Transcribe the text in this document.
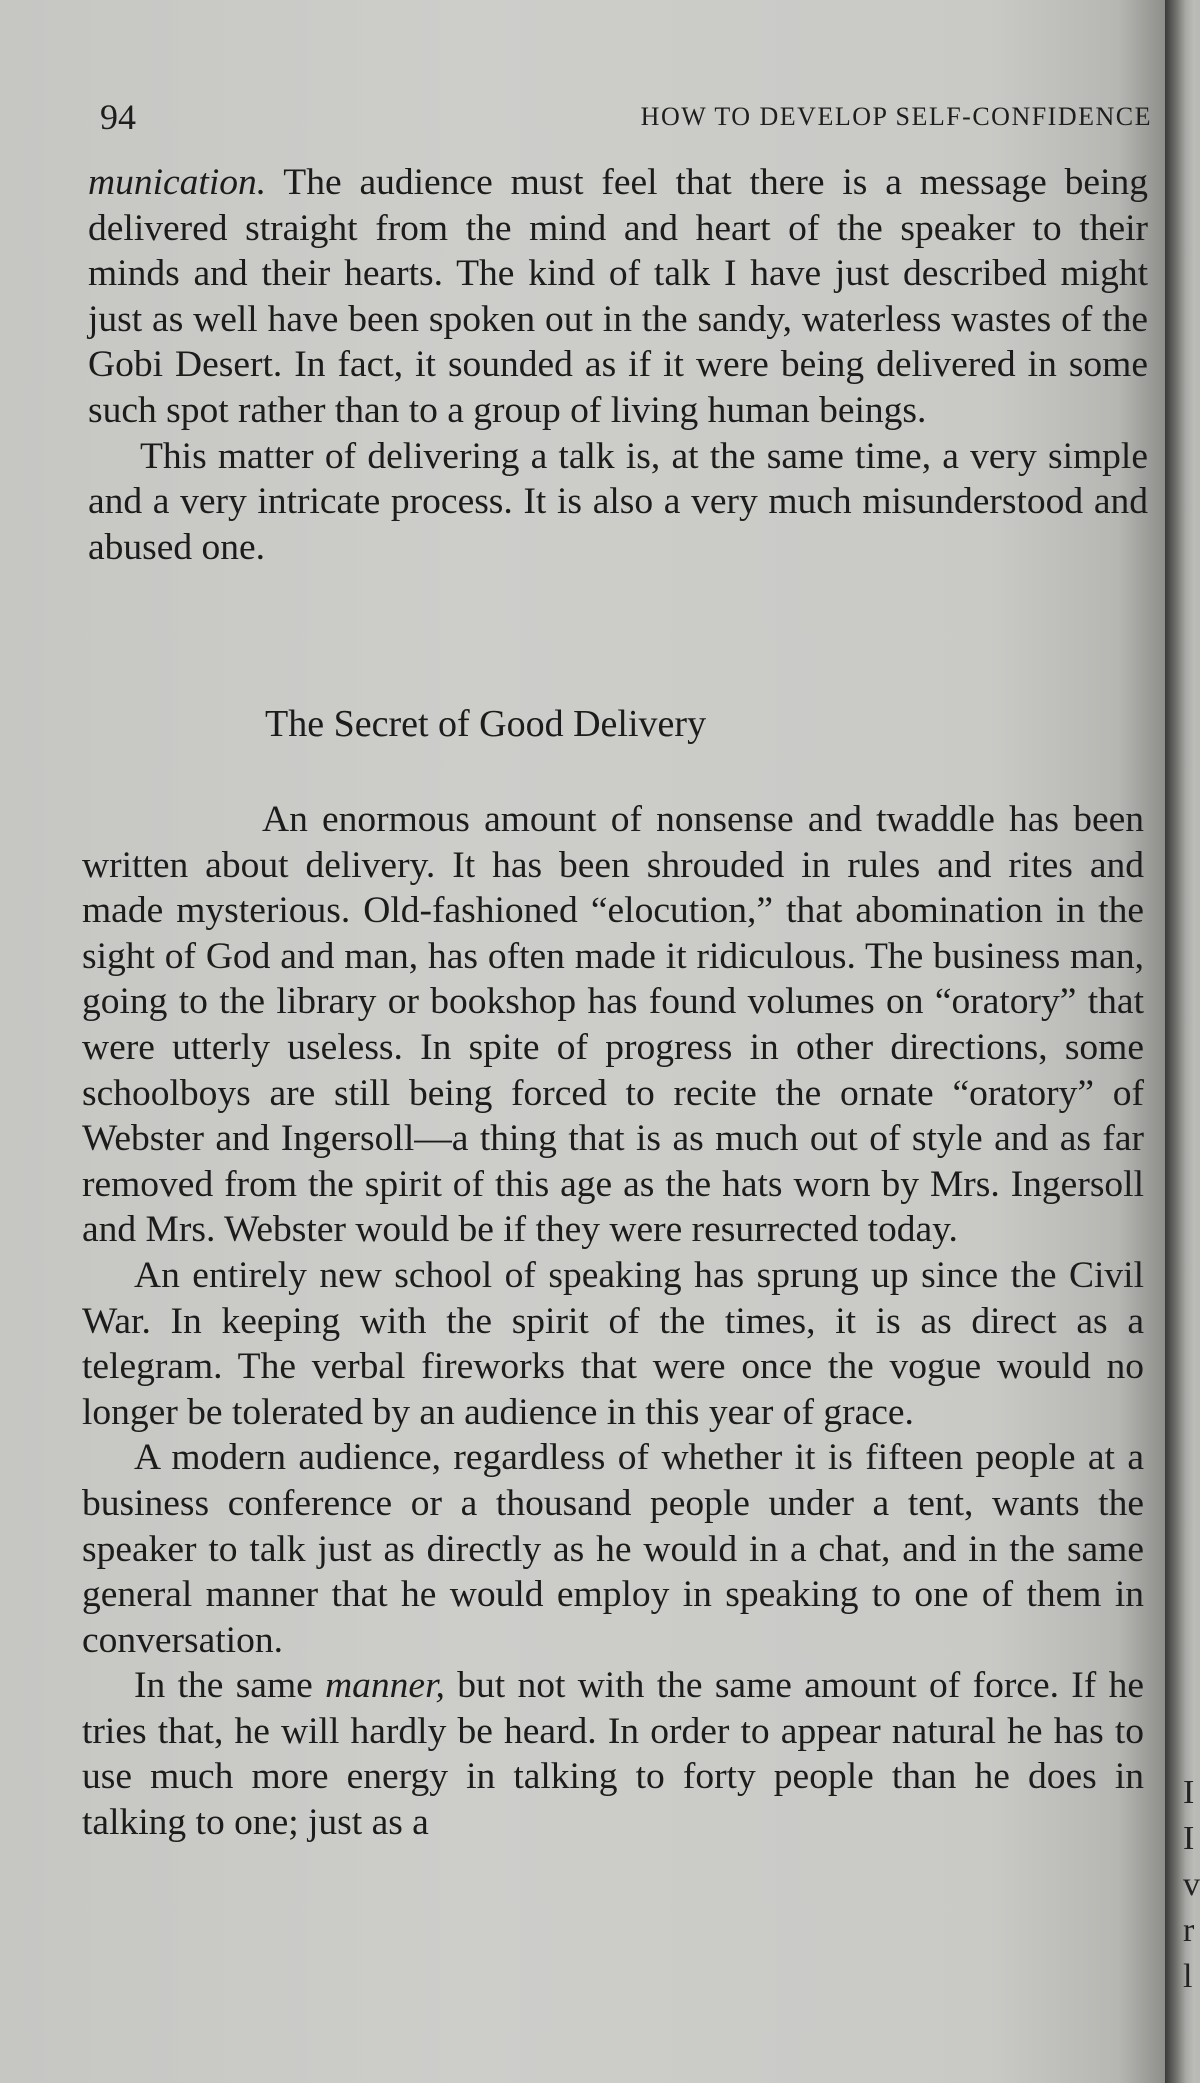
94	HOW TO DEVELOP SELF-CONFIDENCE

munication. The audience must feel that there is a message being delivered straight from the mind and heart of the speaker to their minds and their hearts. The kind of talk I have just described might just as well have been spoken out in the sandy, waterless wastes of the Gobi Desert. In fact, it sounded as if it were being delivered in some such spot rather than to a group of living human beings.

This matter of delivering a talk is, at the same time, a very simple and a very intricate process. It is also a very much misunderstood and abused one.

The Secret of Good Delivery

An enormous amount of nonsense and twaddle has been written about delivery. It has been shrouded in rules and rites and made mysterious. Old-fashioned “elocution,” that abomination in the sight of God and man, has often made it ridiculous. The business man, going to the library or bookshop has found volumes on “oratory” that were utterly useless. In spite of progress in other directions, some schoolboys are still being forced to recite the ornate “oratory” of Webster and Ingersoll—a thing that is as much out of style and as far removed from the spirit of this age as the hats worn by Mrs. Ingersoll and Mrs. Webster would be if they were resurrected today.

An entirely new school of speaking has sprung up since the Civil War. In keeping with the spirit of the times, it is as direct as a telegram. The verbal fireworks that were once the vogue would no longer be tolerated by an audience in this year of grace.

A modern audience, regardless of whether it is fifteen people at a business conference or a thousand people under a tent, wants the speaker to talk just as directly as he would in a chat, and in the same general manner that he would employ in speaking to one of them in conversation.

In the same manner, but not with the same amount of force. If he tries that, he will hardly be heard. In order to appear natural he has to use much more energy in talking to forty people than he does in talking to one; just as a

I
I
v
r
l
